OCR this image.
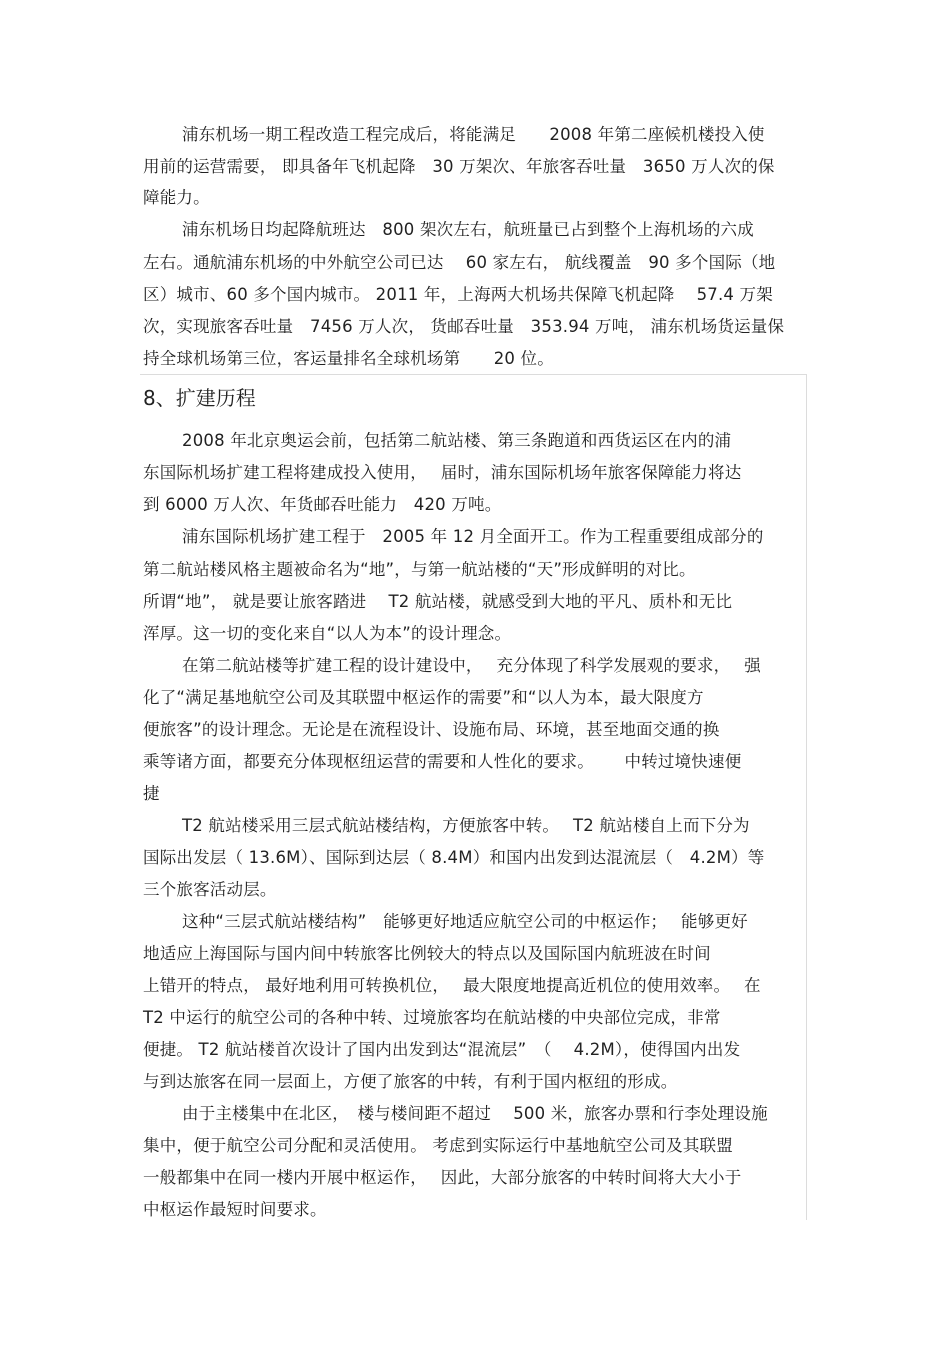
浦东机场一期工程改造工程完成后，将能满足　　2008 年第二座候机楼投入使
用前的运营需要， 即具备年飞机起降　30 万架次、年旅客吞吐量　3650 万人次的保
障能力。
浦东机场日均起降航班达　800 架次左右，航班量已占到整个上海机场的六成
左右。通航浦东机场的中外航空公司已达　 60 家左右， 航线覆盖　90 多个国际（地
区）城市、60 多个国内城市。 2011 年，上海两大机场共保障飞机起降　 57.4 万架
次，实现旅客吞吐量　7456 万人次， 货邮吞吐量　353.94 万吨， 浦东机场货运量保
持全球机场第三位，客运量排名全球机场第　　20 位。
8、扩建历程
2008 年北京奥运会前，包括第二航站楼、第三条跑道和西货运区在内的浦
东国际机场扩建工程将建成投入使用，　 届时，浦东国际机场年旅客保障能力将达
到 6000 万人次、年货邮吞吐能力　420 万吨。
浦东国际机场扩建工程于　2005 年 12 月全面开工。作为工程重要组成部分的
第二航站楼风格主题被命名为“地”，与第一航站楼的“天”形成鲜明的对比。
所谓“地”， 就是要让旅客踏进　 T2 航站楼，就感受到大地的平凡、质朴和无比
浑厚。这一切的变化来自“以人为本”的设计理念。
在第二航站楼等扩建工程的设计建设中，　 充分体现了科学发展观的要求，　 强
化了“满足基地航空公司及其联盟中枢运作的需要”和“以人为本，最大限度方
便旅客”的设计理念。无论是在流程设计、设施布局、环境，甚至地面交通的换
乘等诸方面，都要充分体现枢纽运营的需要和人性化的要求。　　 中转过境快速便
捷
T2 航站楼采用三层式航站楼结构，方便旅客中转。　 T2 航站楼自上而下分为
国际出发层（ 13.6M）、国际到达层（ 8.4M）和国内出发到达混流层（　4.2M）等
三个旅客活动层。
这种“三层式航站楼结构”　能够更好地适应航空公司的中枢运作；　 能够更好
地适应上海国际与国内间中转旅客比例较大的特点以及国际国内航班波在时间
上错开的特点， 最好地利用可转换机位，　 最大限度地提高近机位的使用效率。　 在
T2 中运行的航空公司的各种中转、过境旅客均在航站楼的中央部位完成，非常
便捷。 T2 航站楼首次设计了国内出发到达“混流层”　（　 4.2M），使得国内出发
与到达旅客在同一层面上，方便了旅客的中转，有利于国内枢纽的形成。
由于主楼集中在北区，　楼与楼间距不超过　 500 米，旅客办票和行李处理设施
集中，便于航空公司分配和灵活使用。 考虑到实际运行中基地航空公司及其联盟
一般都集中在同一楼内开展中枢运作，　 因此，大部分旅客的中转时间将大大小于
中枢运作最短时间要求。
